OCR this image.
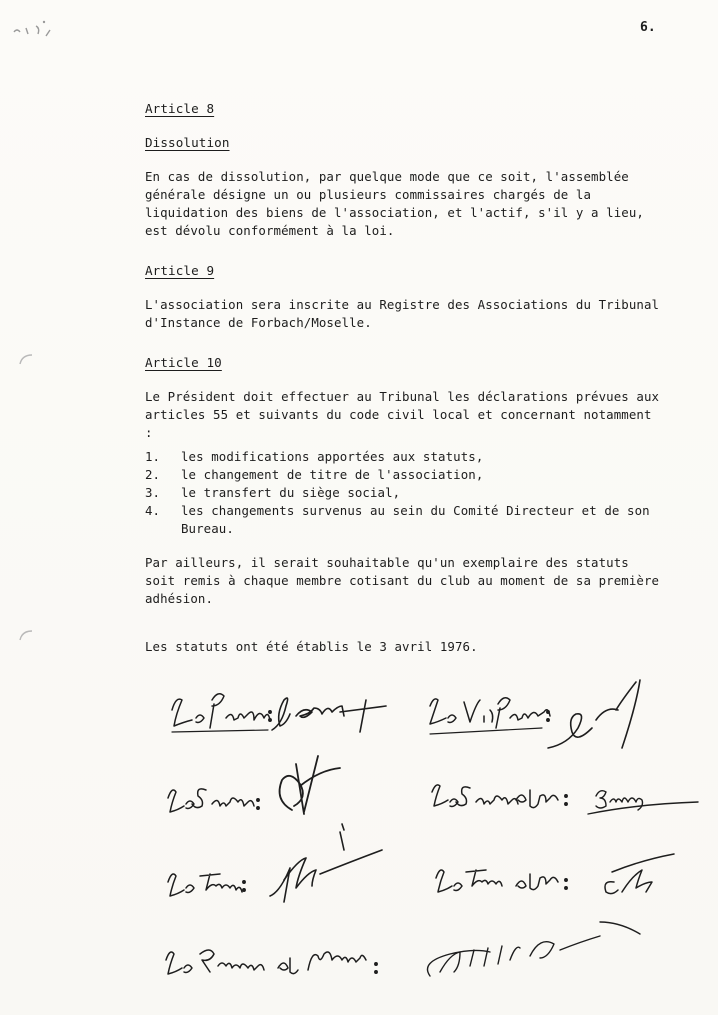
6.

Article 8

Dissolution

En cas de dissolution, par quelque mode que ce soit, l'assemblée générale désigne un ou plusieurs commissaires chargés de la liquidation des biens de l'association, et l'actif, s'il y a lieu, est dévolu conformément à la loi.

Article 9

L'association sera inscrite au Registre des Associations du Tribunal d'Instance de Forbach/Moselle.

Article 10

Le Président doit effectuer au Tribunal les déclarations prévues aux articles 55 et suivants du code civil local et concernant notamment :

1.	les modifications apportées aux statuts,
2.	le changement de titre de l'association,
3.	le transfert du siège social,
4.	les changements survenus au sein du Comité Directeur et de son Bureau.

Par ailleurs, il serait souhaitable qu'un exemplaire des statuts soit remis à chaque membre cotisant du club au moment de sa première adhésion.

Les statuts ont été établis le 3 avril 1976.
